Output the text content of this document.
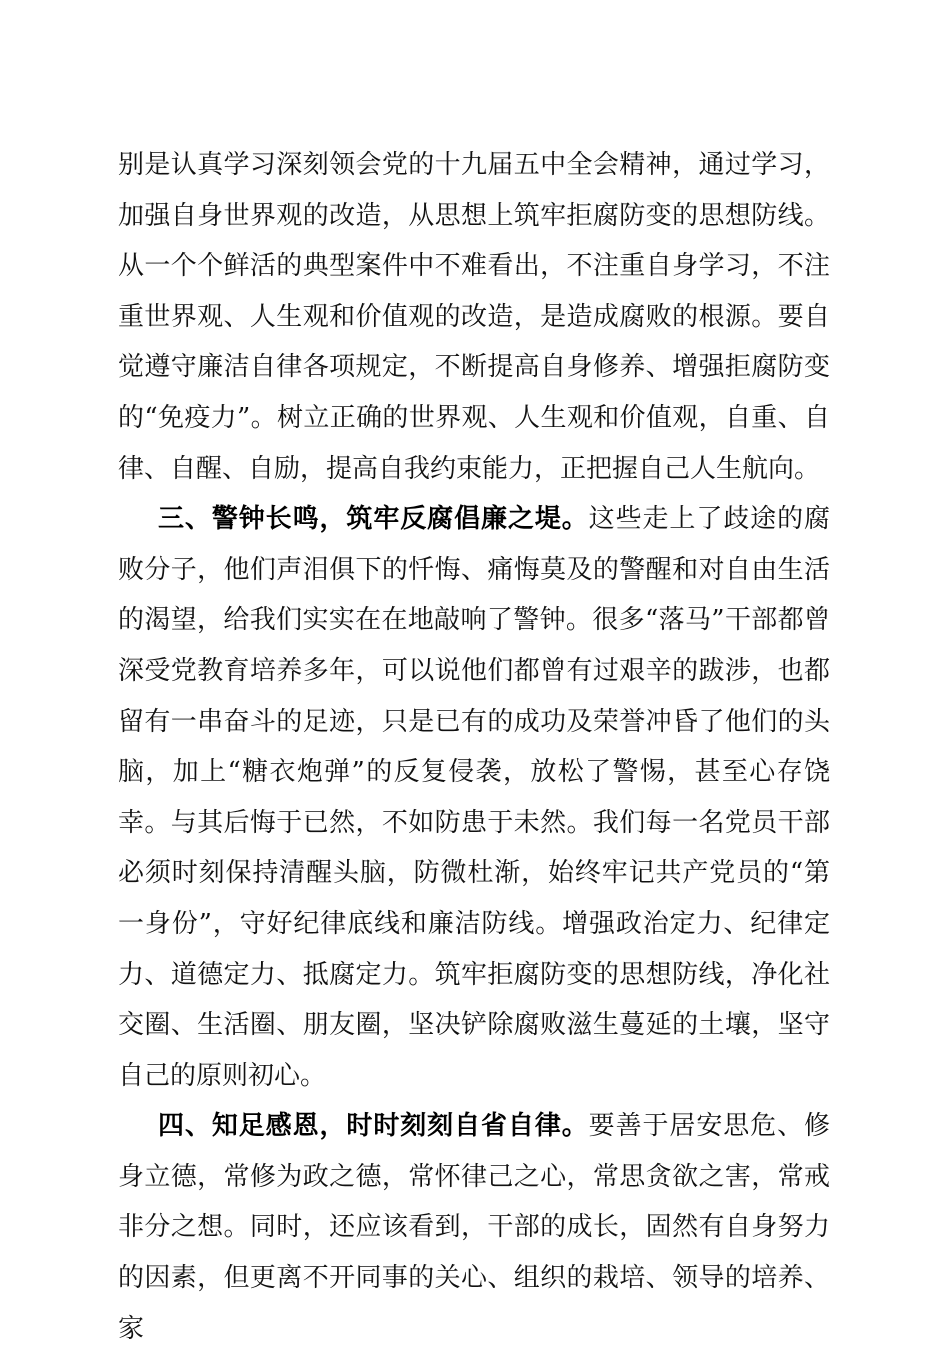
别是认真学习深刻领会党的十九届五中全会精神，通过学习，加强自身世界观的改造，从思想上筑牢拒腐防变的思想防线。从一个个鲜活的典型案件中不难看出，不注重自身学习，不注重世界观、人生观和价值观的改造，是造成腐败的根源。要自觉遵守廉洁自律各项规定，不断提高自身修养、增强拒腐防变的“免疫力”。树立正确的世界观、人生观和价值观，自重、自律、自醒、自励，提高自我约束能力，正把握自己人生航向。

三、警钟长鸣，筑牢反腐倡廉之堤。这些走上了歧途的腐败分子，他们声泪俱下的忏悔、痛悔莫及的警醒和对自由生活的渴望，给我们实实在在地敲响了警钟。很多“落马”干部都曾深受党教育培养多年，可以说他们都曾有过艰辛的跋涉，也都留有一串奋斗的足迹，只是已有的成功及荣誉冲昏了他们的头脑，加上“糖衣炮弹”的反复侵袭，放松了警惕，甚至心存饶幸。与其后悔于已然，不如防患于未然。我们每一名党员干部必须时刻保持清醒头脑，防微杜渐，始终牢记共产党员的“第一身份”，守好纪律底线和廉洁防线。增强政治定力、纪律定力、道德定力、抵腐定力。筑牢拒腐防变的思想防线，净化社交圈、生活圈、朋友圈，坚决铲除腐败滋生蔓延的土壤，坚守自己的原则初心。

四、知足感恩，时时刻刻自省自律。要善于居安思危、修身立德，常修为政之德，常怀律己之心，常思贪欲之害，常戒非分之想。同时，还应该看到，干部的成长，固然有自身努力的因素，但更离不开同事的关心、组织的栽培、领导的培养、家
